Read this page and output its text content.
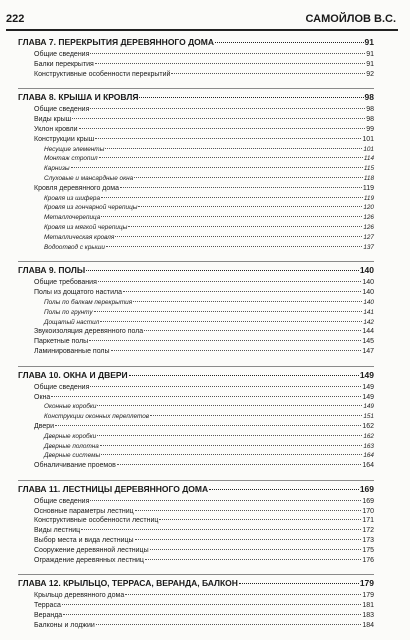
222	САМОЙЛОВ В.С.
ГЛАВА 7. ПЕРЕКРЫТИЯ ДЕРЕВЯННОГО ДОМА	91
Общие сведения	91
Балки перекрытия	91
Конструктивные особенности перекрытий	92
ГЛАВА 8. КРЫША И КРОВЛЯ	98
Общие сведения	98
Виды крыш	98
Уклон кровли	99
Конструкции крыш	101
Несущие элементы	101
Монтаж стропил	114
Карнизы	115
Слуховые и мансардные окна	118
Кровля деревянного дома	119
Кровля из шифера	119
Кровля из гончарной черепицы	120
Металлочерепица	126
Кровля из мягкой черепицы	126
Металлическая кровля	127
Водоотвод с крыши	137
ГЛАВА 9. ПОЛЫ	140
Общие требования	140
Полы из дощатого настила	140
Полы по балкам перекрытия	140
Полы по грунту	141
Дощатый настил	142
Звукоизоляция деревянного пола	144
Паркетные полы	145
Ламинированные полы	147
ГЛАВА 10. ОКНА И ДВЕРИ	149
Общие сведения	149
Окна	149
Оконные коробки	149
Конструкции оконных переплетов	151
Двери	162
Дверные коробки	162
Дверные полотна	163
Дверные системы	164
Обналичивание проемов	164
ГЛАВА 11. ЛЕСТНИЦЫ ДЕРЕВЯННОГО ДОМА	169
Общие сведения	169
Основные параметры лестниц	170
Конструктивные особенности лестниц	171
Виды лестниц	172
Выбор места и вида лестницы	173
Сооружение деревянной лестницы	175
Ограждение деревянных лестниц	176
ГЛАВА 12. КРЫЛЬЦО, ТЕРРАСА, ВЕРАНДА, БАЛКОН	179
Крыльцо деревянного дома	179
Терраса	181
Веранда	183
Балконы и лоджии	184
